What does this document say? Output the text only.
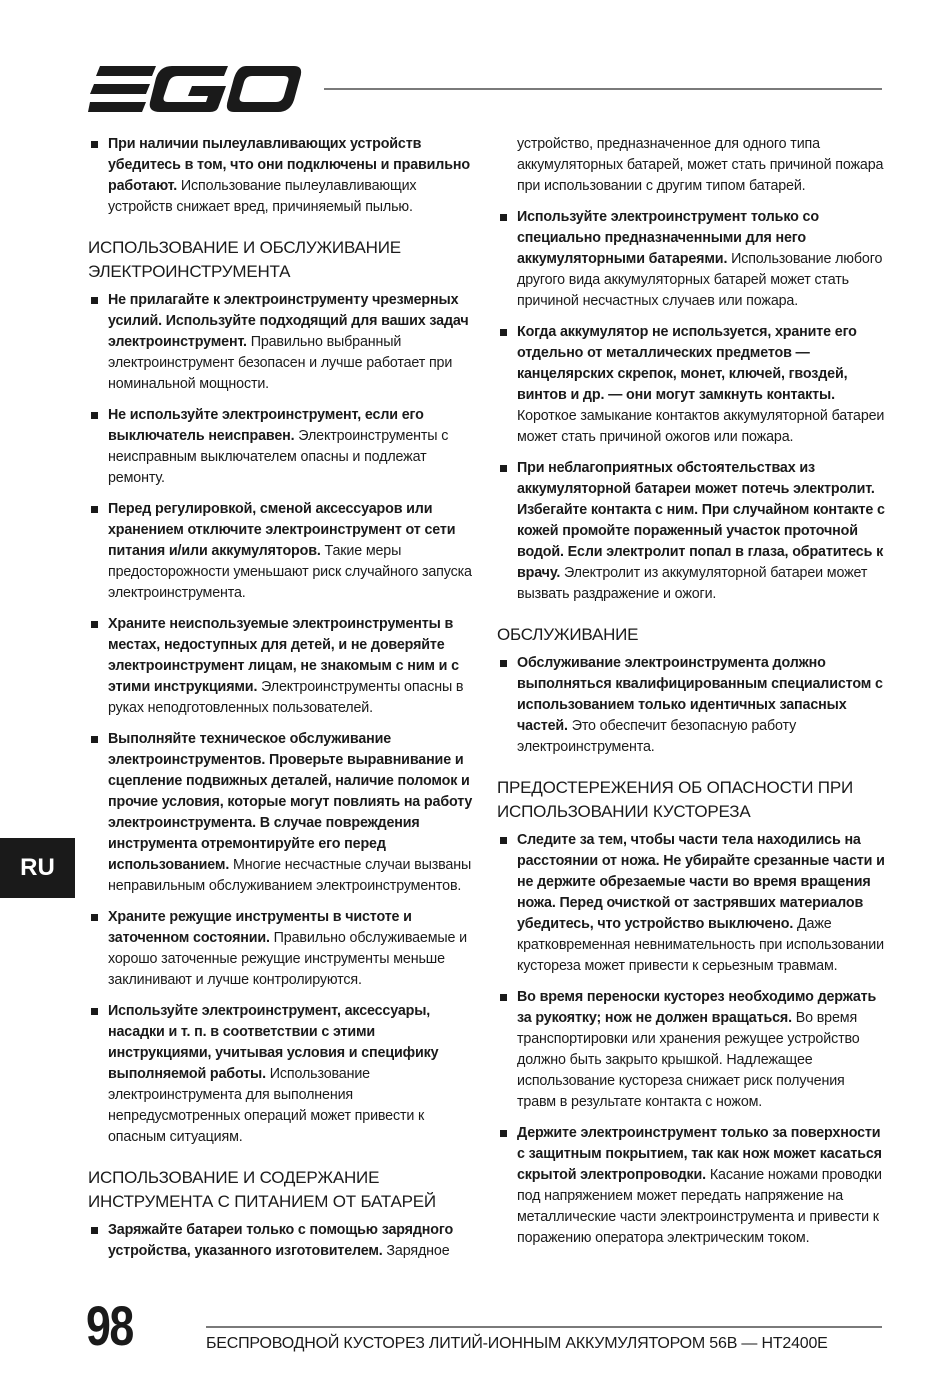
При наличии пылеулавливающих устройств убедитесь в том, что они подключены и правильно работают. Использование пылеулавливающих устройств снижает вред, причиняемый пылью.
ИСПОЛЬЗОВАНИЕ И ОБСЛУЖИВАНИЕ ЭЛЕКТРОИНСТРУМЕНТА
Не прилагайте к электроинструменту чрезмерных усилий. Используйте подходящий для ваших задач электроинструмент. Правильно выбранный электроинструмент безопасен и лучше работает при номинальной мощности.
Не используйте электроинструмент, если его выключатель неисправен. Электроинструменты с неисправным выключателем опасны и подлежат ремонту.
Перед регулировкой, сменой аксессуаров или хранением отключите электроинструмент от сети питания и/или аккумуляторов. Такие меры предосторожности уменьшают риск случайного запуска электроинструмента.
Храните неиспользуемые электроинструменты в местах, недоступных для детей, и не доверяйте электроинструмент лицам, не знакомым с ним и с этими инструкциями. Электроинструменты опасны в руках неподготовленных пользователей.
Выполняйте техническое обслуживание электроинструментов. Проверьте выравнивание и сцепление подвижных деталей, наличие поломок и прочие условия, которые могут повлиять на работу электроинструмента. В случае повреждения инструмента отремонтируйте его перед использованием. Многие несчастные случаи вызваны неправильным обслуживанием электроинструментов.
Храните режущие инструменты в чистоте и заточенном состоянии. Правильно обслуживаемые и хорошо заточенные режущие инструменты меньше заклинивают и лучше контролируются.
Используйте электроинструмент, аксессуары, насадки и т. п. в соответствии с этими инструкциями, учитывая условия и специфику выполняемой работы. Использование электроинструмента для выполнения непредусмотренных операций может привести к опасным ситуациям.
ИСПОЛЬЗОВАНИЕ И СОДЕРЖАНИЕ ИНСТРУМЕНТА С ПИТАНИЕМ ОТ БАТАРЕЙ
Заряжайте батареи только с помощью зарядного устройства, указанного изготовителем. Зарядное
устройство, предназначенное для одного типа аккумуляторных батарей, может стать причиной пожара при использовании с другим типом батарей.
Используйте электроинструмент только со специально предназначенными для него аккумуляторными батареями. Использование любого другого вида аккумуляторных батарей может стать причиной несчастных случаев или пожара.
Когда аккумулятор не используется, храните его отдельно от металлических предметов — канцелярских скрепок, монет, ключей, гвоздей, винтов и др. — они могут замкнуть контакты. Короткое замыкание контактов аккумуляторной батареи может стать причиной ожогов или пожара.
При неблагоприятных обстоятельствах из аккумуляторной батареи может потечь электролит. Избегайте контакта с ним. При случайном контакте с кожей промойте пораженный участок проточной водой. Если электролит попал в глаза, обратитесь к врачу. Электролит из аккумуляторной батареи может вызвать раздражение и ожоги.
ОБСЛУЖИВАНИЕ
Обслуживание электроинструмента должно выполняться квалифицированным специалистом с использованием только идентичных запасных частей. Это обеспечит безопасную работу электроинструмента.
ПРЕДОСТЕРЕЖЕНИЯ ОБ ОПАСНОСТИ ПРИ ИСПОЛЬЗОВАНИИ КУСТОРЕЗА
Следите за тем, чтобы части тела находились на расстоянии от ножа. Не убирайте срезанные части и не держите обрезаемые части во время вращения ножа. Перед очисткой от застрявших материалов убедитесь, что устройство выключено. Даже кратковременная невнимательность при использовании кустореза может привести к серьезным травмам.
Во время переноски кусторез необходимо держать за рукоятку; нож не должен вращаться. Во время транспортировки или хранения режущее устройство должно быть закрыто крышкой. Надлежащее использование кустореза снижает риск получения травм в результате контакта с ножом.
Держите электроинструмент только за поверхности с защитным покрытием, так как нож может касаться скрытой электропроводки. Касание ножами проводки под напряжением может передать напряжение на металлические части электроинструмента и привести к поражению оператора электрическим током.
RU
98	БЕСПРОВОДНОЙ КУСТОРЕЗ ЛИТИЙ-ИОННЫМ АККУМУЛЯТОРОМ 56В — HT2400E
